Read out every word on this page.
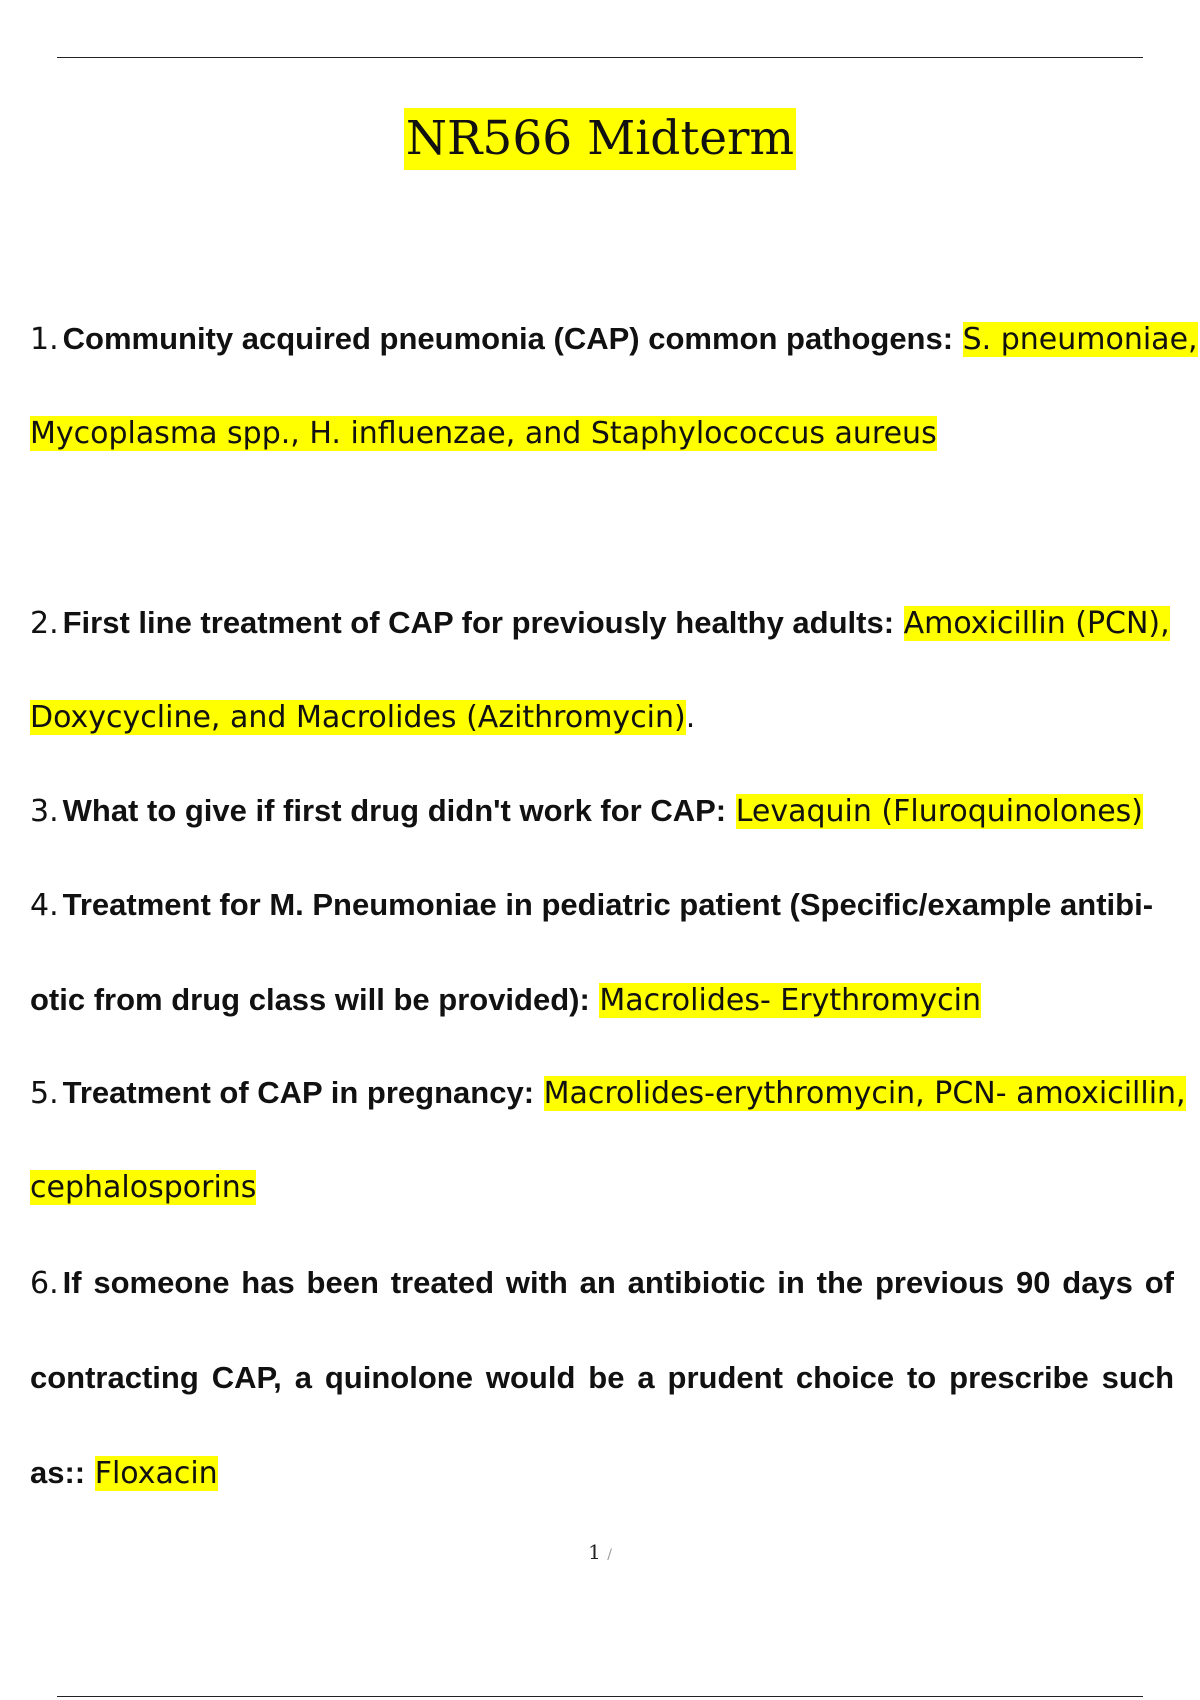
NR566 Midterm

1. Community acquired pneumonia (CAP) common pathogens: S. pneumoniae, Mycoplasma spp., H. influenzae, and Staphylococcus aureus

2. First line treatment of CAP for previously healthy adults: Amoxicillin (PCN), Doxycycline, and Macrolides (Azithromycin).

3. What to give if first drug didn't work for CAP: Levaquin (Fluroquinolones)

4. Treatment for M. Pneumoniae in pediatric patient (Specific/example antibi- otic from drug class will be provided): Macrolides- Erythromycin

5. Treatment of CAP in pregnancy: Macrolides-erythromycin, PCN- amoxicillin, cephalosporins

6. If someone has been treated with an antibiotic in the previous 90 days of contracting CAP, a quinolone would be a prudent choice to prescribe such as:: Floxacin

1 /
